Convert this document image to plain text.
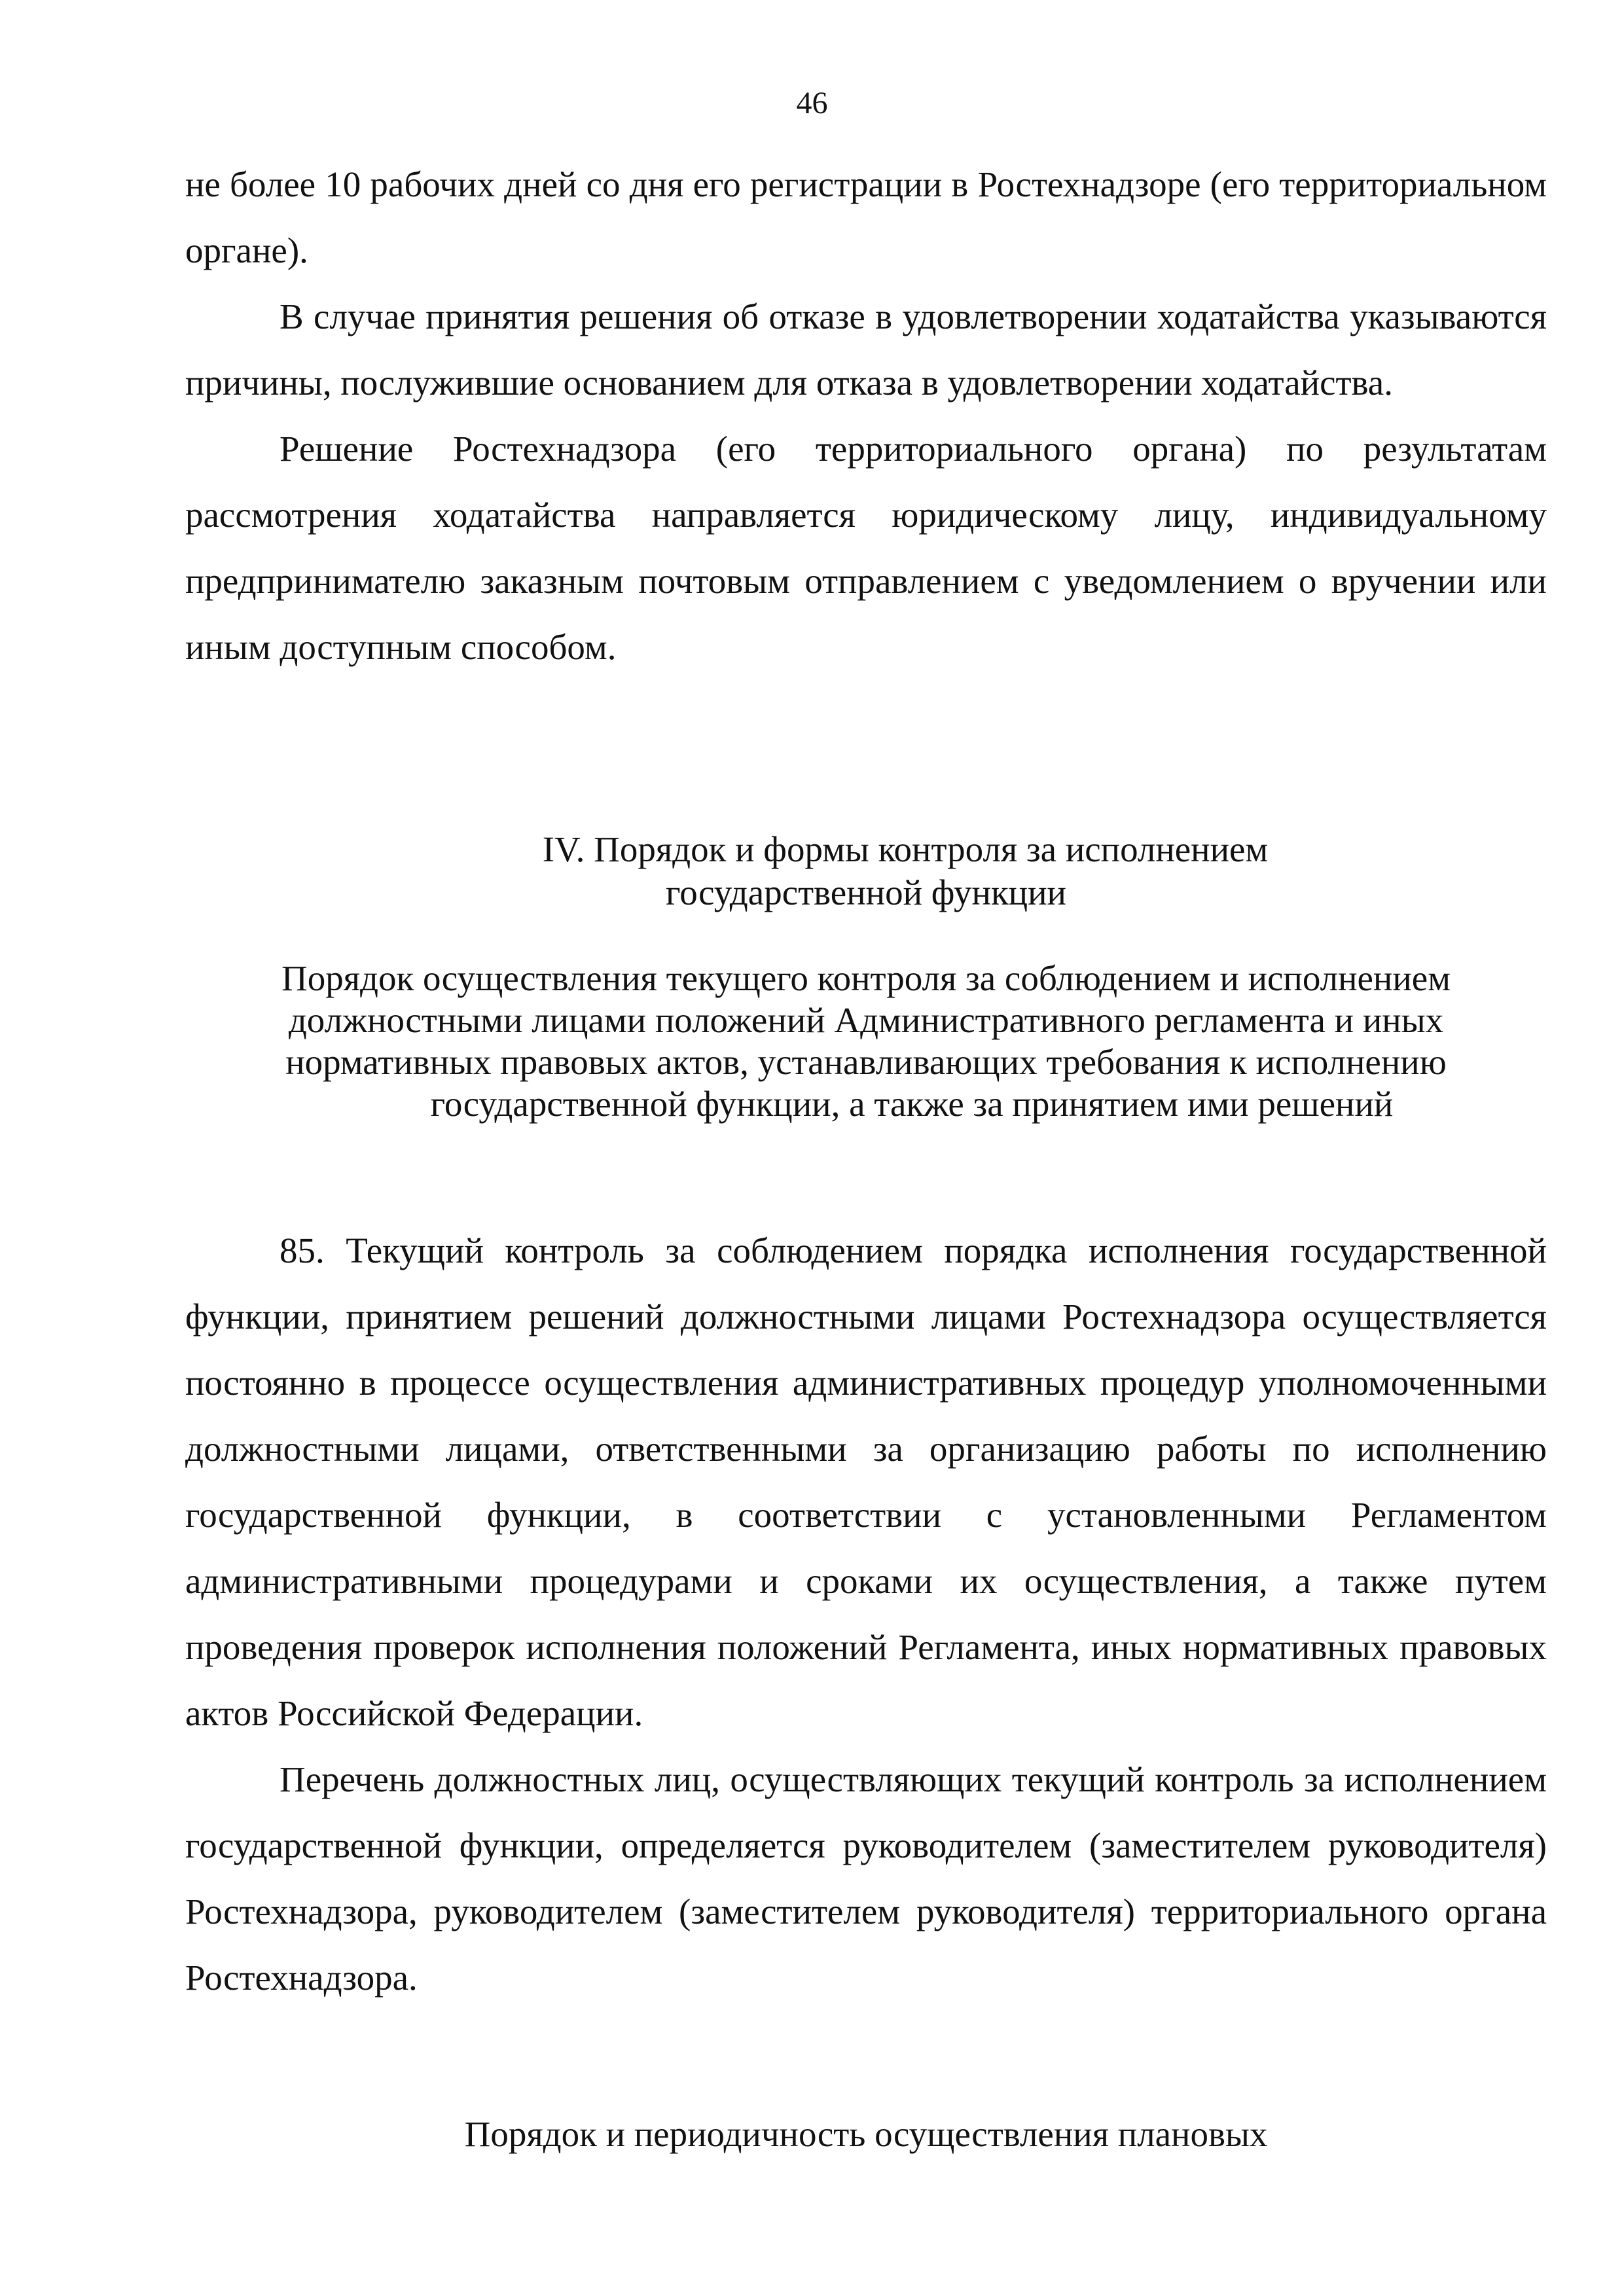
46

не более 10 рабочих дней со дня его регистрации в Ростехнадзоре (его территориальном органе).

В случае принятия решения об отказе в удовлетворении ходатайства указываются причины, послужившие основанием для отказа в удовлетворении ходатайства.

Решение Ростехнадзора (его территориального органа) по результатам рассмотрения ходатайства направляется юридическому лицу, индивидуальному предпринимателю заказным почтовым отправлением с уведомлением о вручении или иным доступным способом.

IV. Порядок и формы контроля за исполнением

государственной функции

Порядок осуществления текущего контроля за соблюдением и исполнением

должностными лицами положений Административного регламента и иных

нормативных правовых актов, устанавливающих требования к исполнению

государственной функции, а также за принятием ими решений

85. Текущий контроль за соблюдением порядка исполнения государственной функции, принятием решений должностными лицами Ростехнадзора осуществляется постоянно в процессе осуществления административных процедур уполномоченными должностными лицами, ответственными за организацию работы по исполнению государственной функции, в соответствии с установленными Регламентом административными процедурами и сроками их осуществления, а также путем проведения проверок исполнения положений Регламента, иных нормативных правовых актов Российской Федерации.

Перечень должностных лиц, осуществляющих текущий контроль за исполнением государственной функции, определяется руководителем (заместителем руководителя) Ростехнадзора, руководителем (заместителем руководителя) территориального органа Ростехнадзора.

Порядок и периодичность осуществления плановых
